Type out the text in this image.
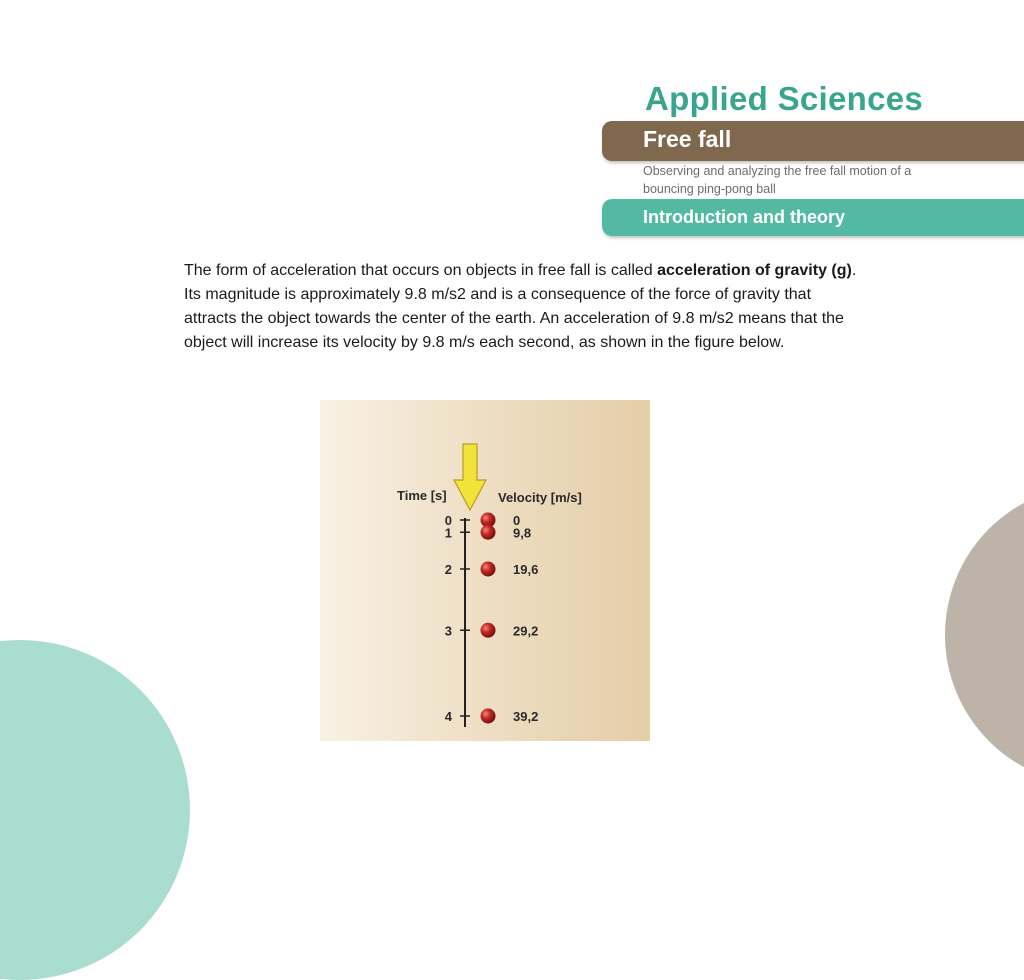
Applied Sciences
Free fall
Observing and analyzing the free fall motion of a bouncing ping-pong ball
Introduction and theory

The form of acceleration that occurs on objects in free fall is called acceleration of gravity (g). Its magnitude is approximately 9.8 m/s2 and is a consequence of the force of gravity that attracts the object towards the center of the earth. An acceleration of 9.8 m/s2 means that the object will increase its velocity by 9.8 m/s each second, as shown in the figure below.

Time [s]	Velocity [m/s]
0	0
1	9,8
2	19,6
3	29,2
4	39,2
